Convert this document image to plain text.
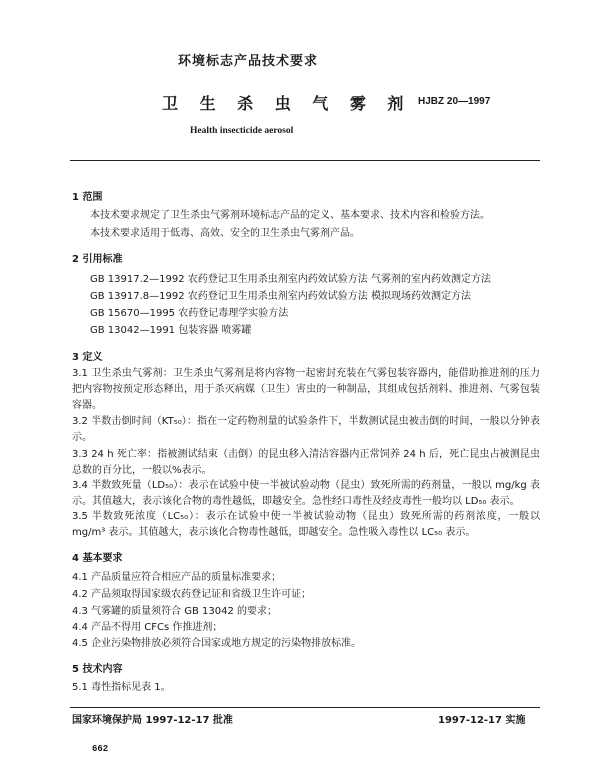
环境标志产品技术要求
卫 生 杀 虫 气 雾 剂 HJBZ 20—1997
Health insecticide aerosol
1 范围
本技术要求规定了卫生杀虫气雾剂环境标志产品的定义、基本要求、技术内容和检验方法。
本技术要求适用于低毒、高效、安全的卫生杀虫气雾剂产品。
2 引用标准
GB 13917.2—1992 农药登记卫生用杀虫剂室内药效试验方法 气雾剂的室内药效测定方法
GB 13917.8—1992 农药登记卫生用杀虫剂室内药效试验方法 模拟现场药效测定方法
GB 15670—1995 农药登记毒理学实验方法
GB 13042—1991 包装容器 喷雾罐
3 定义
3.1 卫生杀虫气雾剂：卫生杀虫气雾剂是将内容物一起密封充装在气雾包装容器内，能借助推进剂的压力把内容物按预定形态释出，用于杀灭病媒（卫生）害虫的一种制品，其组成包括剂料、推进剂、气雾包装容器。
3.2 半数击倒时间（KT₅₀）：指在一定药物剂量的试验条件下，半数测试昆虫被击倒的时间，一般以分钟表示。
3.3 24 h 死亡率：指被测试结束（击倒）的昆虫移入清洁容器内正常饲养 24 h 后，死亡昆虫占被测昆虫总数的百分比，一般以%表示。
3.4 半数致死量（LD₅₀）：表示在试验中使一半被试验动物（昆虫）致死所需的药剂量，一般以 mg/kg 表示。其值越大，表示该化合物的毒性越低，即越安全。急性经口毒性及经皮毒性一般均以 LD₅₀ 表示。
3.5 半数致死浓度（LC₅₀）：表示在试验中使一半被试验动物（昆虫）致死所需的药剂浓度，一般以 mg/m³ 表示。其值越大，表示该化合物毒性越低，即越安全。急性吸入毒性以 LC₅₀ 表示。
4 基本要求
4.1 产品质量应符合相应产品的质量标准要求；
4.2 产品须取得国家级农药登记证和省级卫生许可证；
4.3 气雾罐的质量须符合 GB 13042 的要求；
4.4 产品不得用 CFCs 作推进剂；
4.5 企业污染物排放必须符合国家或地方规定的污染物排放标准。
5 技术内容
5.1 毒性指标见表 1。
国家环境保护局 1997-12-17 批准	1997-12-17 实施
662
